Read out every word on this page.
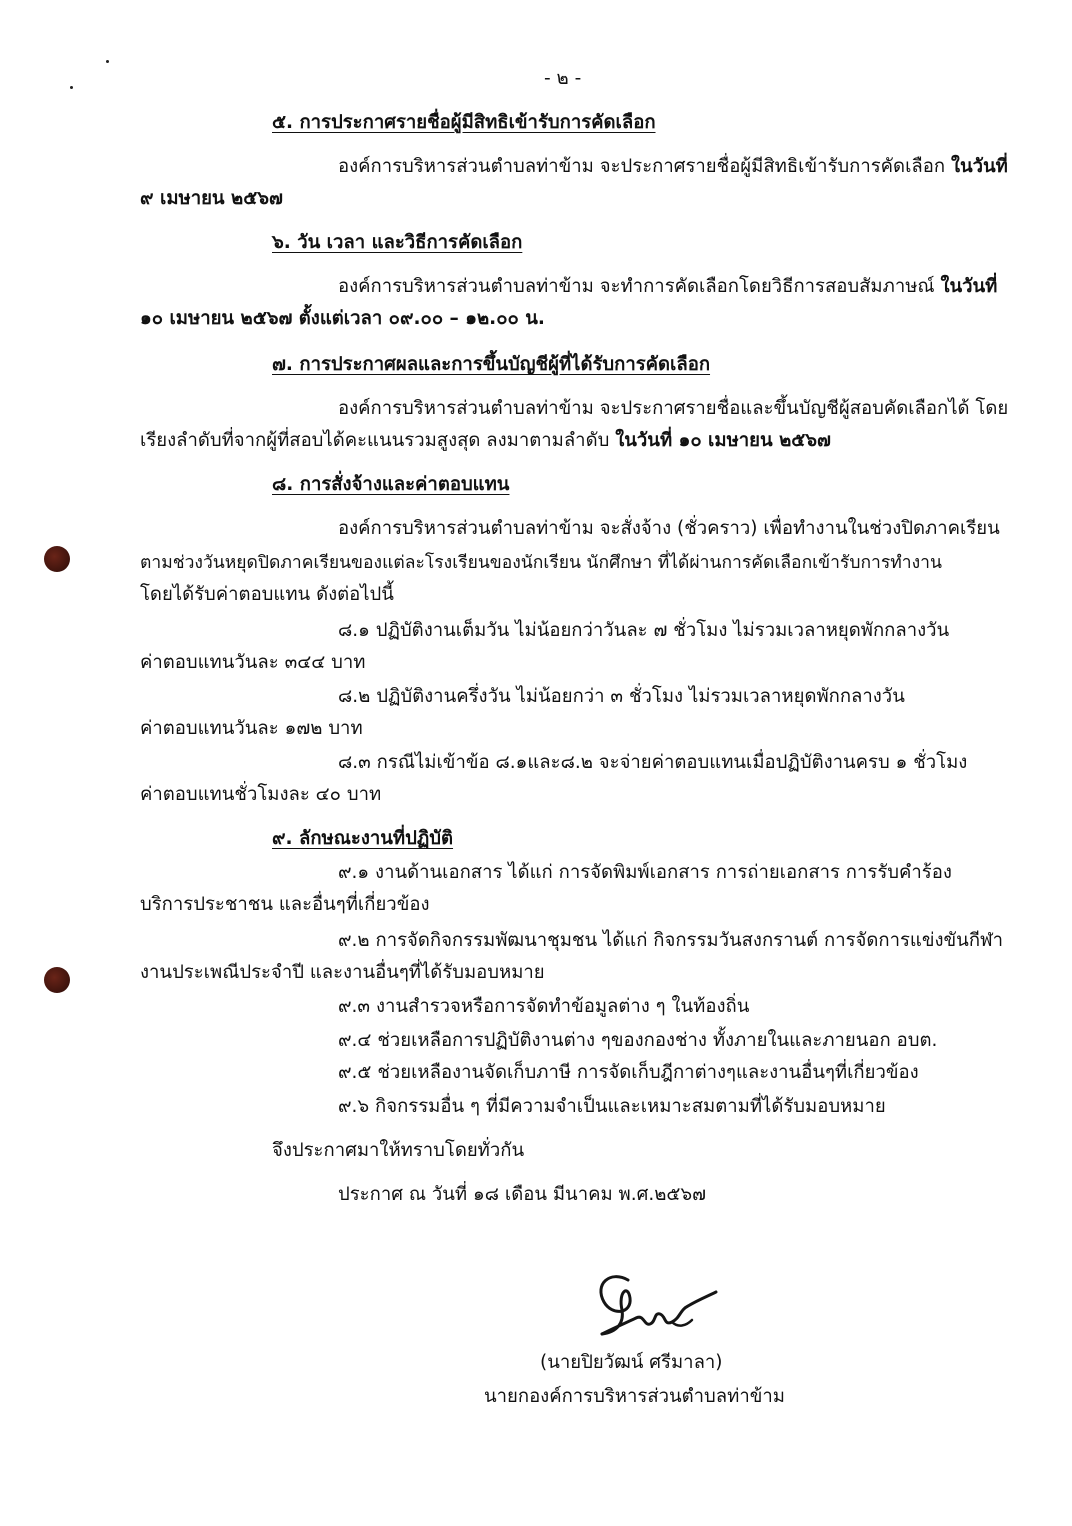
- ๒ -
๕. การประกาศรายชื่อผู้มีสิทธิเข้ารับการคัดเลือก
องค์การบริหารส่วนตำบลท่าข้าม จะประกาศรายชื่อผู้มีสิทธิเข้ารับการคัดเลือก ในวันที่
๙ เมษายน ๒๕๖๗
๖. วัน เวลา และวิธีการคัดเลือก
องค์การบริหารส่วนตำบลท่าข้าม จะทำการคัดเลือกโดยวิธีการสอบสัมภาษณ์ ในวันที่
๑๐ เมษายน ๒๕๖๗ ตั้งแต่เวลา ๐๙.๐๐ – ๑๒.๐๐ น.
๗. การประกาศผลและการขึ้นบัญชีผู้ที่ได้รับการคัดเลือก
องค์การบริหารส่วนตำบลท่าข้าม จะประกาศรายชื่อและขึ้นบัญชีผู้สอบคัดเลือกได้ โดย
เรียงลำดับที่จากผู้ที่สอบได้คะแนนรวมสูงสุด ลงมาตามลำดับ ในวันที่ ๑๐ เมษายน ๒๕๖๗
๘. การสั่งจ้างและค่าตอบแทน
องค์การบริหารส่วนตำบลท่าข้าม จะสั่งจ้าง (ชั่วคราว) เพื่อทำงานในช่วงปิดภาคเรียน
ตามช่วงวันหยุดปิดภาคเรียนของแต่ละโรงเรียนของนักเรียน นักศึกษา ที่ได้ผ่านการคัดเลือกเข้ารับการทำงาน
โดยได้รับค่าตอบแทน ดังต่อไปนี้
๘.๑ ปฏิบัติงานเต็มวัน ไม่น้อยกว่าวันละ ๗ ชั่วโมง ไม่รวมเวลาหยุดพักกลางวัน
ค่าตอบแทนวันละ ๓๔๔ บาท
๘.๒ ปฏิบัติงานครึ่งวัน ไม่น้อยกว่า ๓ ชั่วโมง ไม่รวมเวลาหยุดพักกลางวัน
ค่าตอบแทนวันละ ๑๗๒ บาท
๘.๓ กรณีไม่เข้าข้อ ๘.๑และ๘.๒ จะจ่ายค่าตอบแทนเมื่อปฏิบัติงานครบ ๑ ชั่วโมง
ค่าตอบแทนชั่วโมงละ ๔๐ บาท
๙. ลักษณะงานที่ปฏิบัติ
๙.๑ งานด้านเอกสาร ได้แก่ การจัดพิมพ์เอกสาร การถ่ายเอกสาร การรับคำร้อง
บริการประชาชน และอื่นๆที่เกี่ยวข้อง
๙.๒ การจัดกิจกรรมพัฒนาชุมชน ได้แก่ กิจกรรมวันสงกรานต์ การจัดการแข่งขันกีฬา
งานประเพณีประจำปี และงานอื่นๆที่ได้รับมอบหมาย
๙.๓ งานสำรวจหรือการจัดทำข้อมูลต่าง ๆ ในท้องถิ่น
๙.๔ ช่วยเหลือการปฏิบัติงานต่าง ๆของกองช่าง ทั้งภายในและภายนอก อบต.
๙.๕ ช่วยเหลืองานจัดเก็บภาษี การจัดเก็บฎีกาต่างๆและงานอื่นๆที่เกี่ยวข้อง
๙.๖ กิจกรรมอื่น ๆ ที่มีความจำเป็นและเหมาะสมตามที่ได้รับมอบหมาย
จึงประกาศมาให้ทราบโดยทั่วกัน
ประกาศ ณ วันที่ ๑๘ เดือน มีนาคม พ.ศ.๒๕๖๗
(นายปิยวัฒน์ ศรีมาลา)
นายกองค์การบริหารส่วนตำบลท่าข้าม
